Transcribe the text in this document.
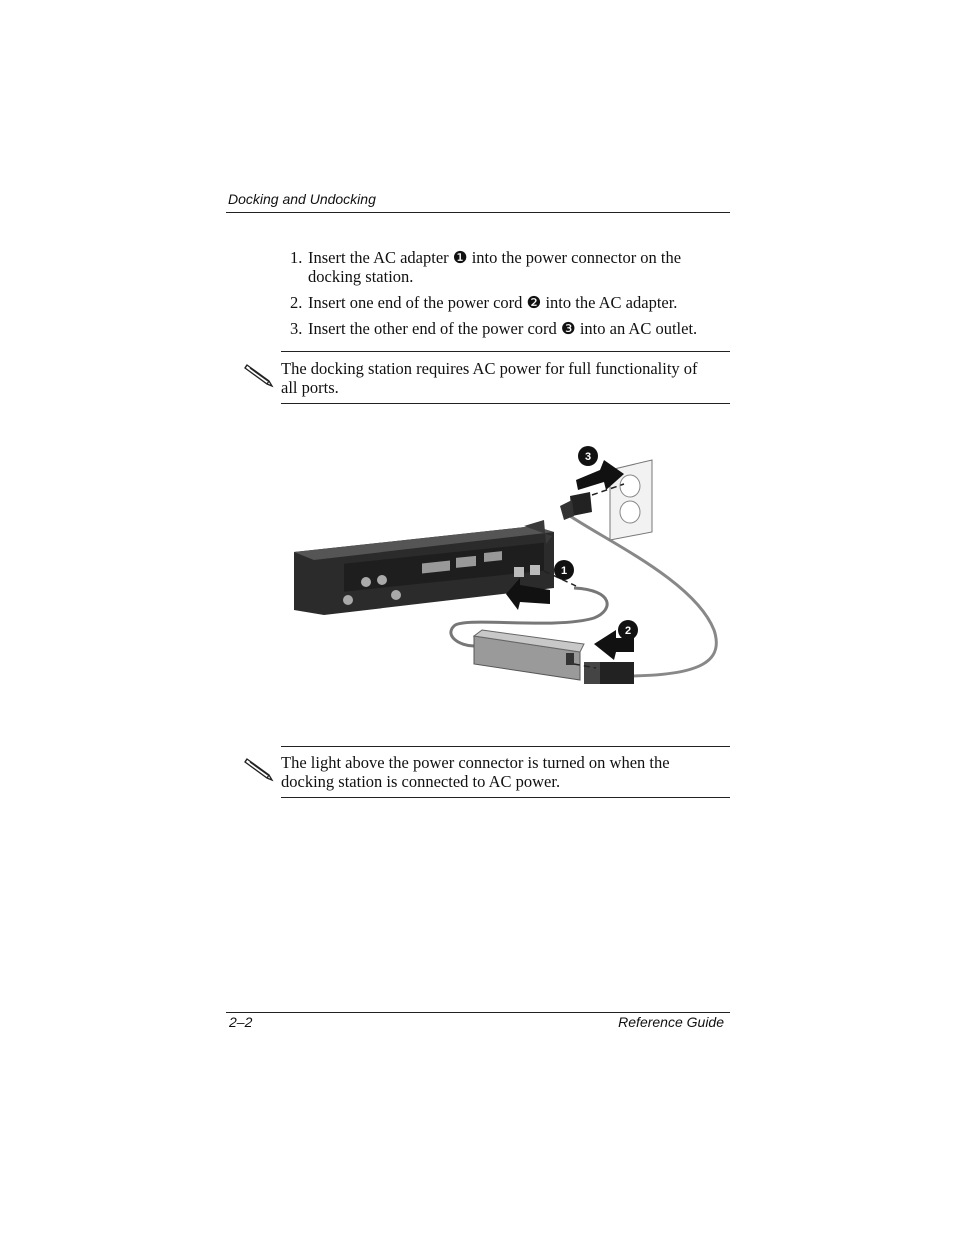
Docking and Undocking
1. Insert the AC adapter ❶ into the power connector on the
docking station.
2. Insert one end of the power cord ❷ into the AC adapter.
3. Insert the other end of the power cord ❸ into an AC outlet.
The docking station requires AC power for full functionality of
all ports.
1
2
3
The light above the power connector is turned on when the
docking station is connected to AC power.
2–2	Reference Guide
